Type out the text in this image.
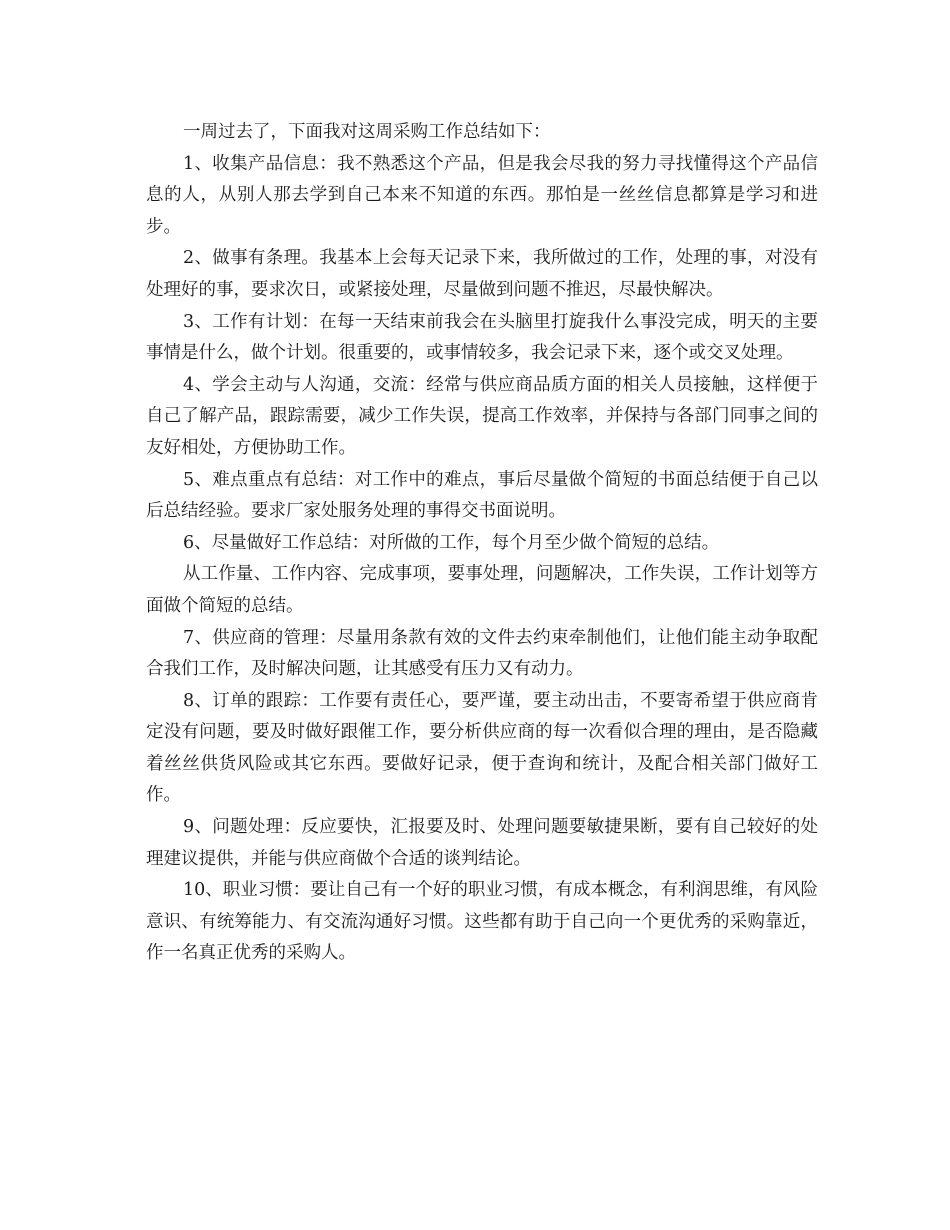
一周过去了，下面我对这周采购工作总结如下：

1、收集产品信息：我不熟悉这个产品，但是我会尽我的努力寻找懂得这个产品信息的人，从别人那去学到自己本来不知道的东西。那怕是一丝丝信息都算是学习和进步。

2、做事有条理。我基本上会每天记录下来，我所做过的工作，处理的事，对没有处理好的事，要求次日，或紧接处理，尽量做到问题不推迟，尽最快解决。

3、工作有计划：在每一天结束前我会在头脑里打旋我什么事没完成，明天的主要事情是什么，做个计划。很重要的，或事情较多，我会记录下来，逐个或交叉处理。

4、学会主动与人沟通，交流：经常与供应商品质方面的相关人员接触，这样便于自己了解产品，跟踪需要，减少工作失误，提高工作效率，并保持与各部门同事之间的友好相处，方便协助工作。

5、难点重点有总结：对工作中的难点，事后尽量做个简短的书面总结便于自己以后总结经验。要求厂家处服务处理的事得交书面说明。

6、尽量做好工作总结：对所做的工作，每个月至少做个简短的总结。

从工作量、工作内容、完成事项，要事处理，问题解决，工作失误，工作计划等方面做个简短的总结。

7、供应商的管理：尽量用条款有效的文件去约束牵制他们，让他们能主动争取配合我们工作，及时解决问题，让其感受有压力又有动力。

8、订单的跟踪：工作要有责任心，要严谨，要主动出击，不要寄希望于供应商肯定没有问题，要及时做好跟催工作，要分析供应商的每一次看似合理的理由，是否隐藏着丝丝供货风险或其它东西。要做好记录，便于查询和统计，及配合相关部门做好工作。

9、问题处理：反应要快，汇报要及时、处理问题要敏捷果断，要有自己较好的处理建议提供，并能与供应商做个合适的谈判结论。

10、职业习惯：要让自己有一个好的职业习惯，有成本概念，有利润思维，有风险意识、有统筹能力、有交流沟通好习惯。这些都有助于自己向一个更优秀的采购靠近，作一名真正优秀的采购人。
